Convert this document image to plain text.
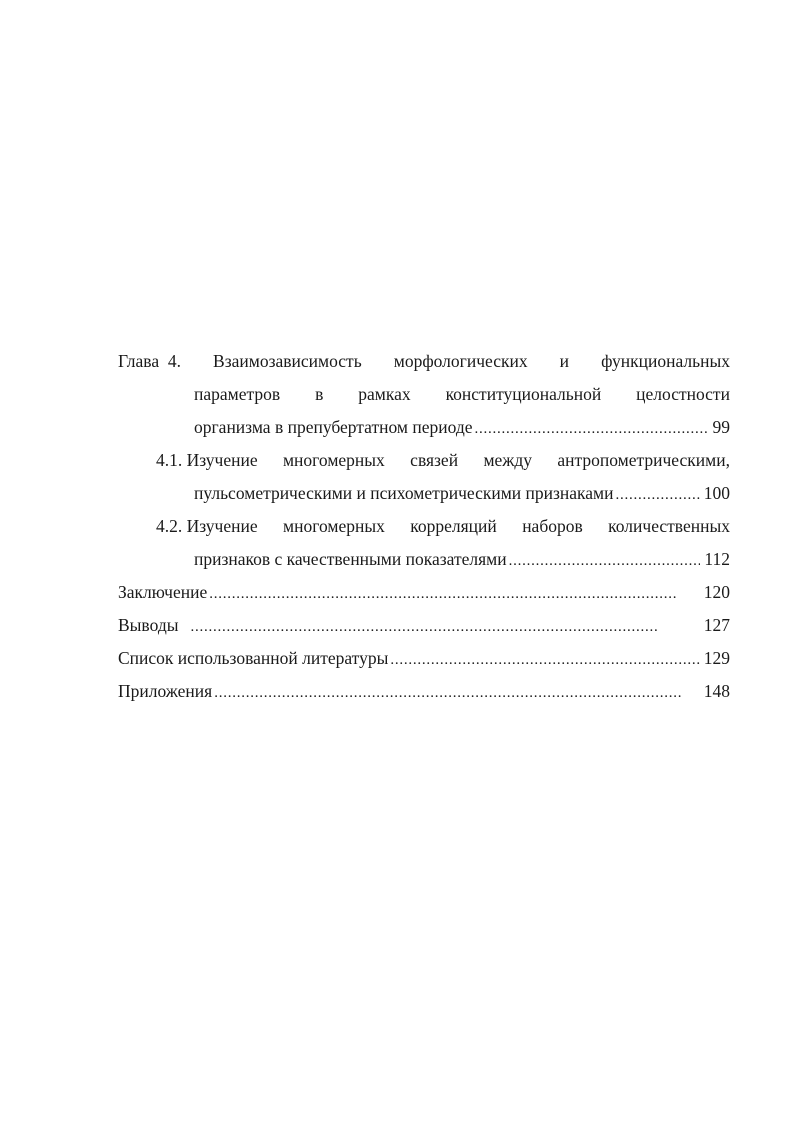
Глава 4. Взаимозависимость морфологических и функциональных
параметров в рамках конституциональной целостности
организма в препубертатном периоде . . .	99
4.1. Изучение многомерных связей между антропометрическими,
пульсометрическими и психометрическими признаками . . .	100
4.2. Изучение многомерных корреляций наборов количественных
признаков с качественными показателями . . .	112
Заключение . . .	120
Выводы . . .	127
Список использованной литературы . . .	129
Приложения . . .	148
